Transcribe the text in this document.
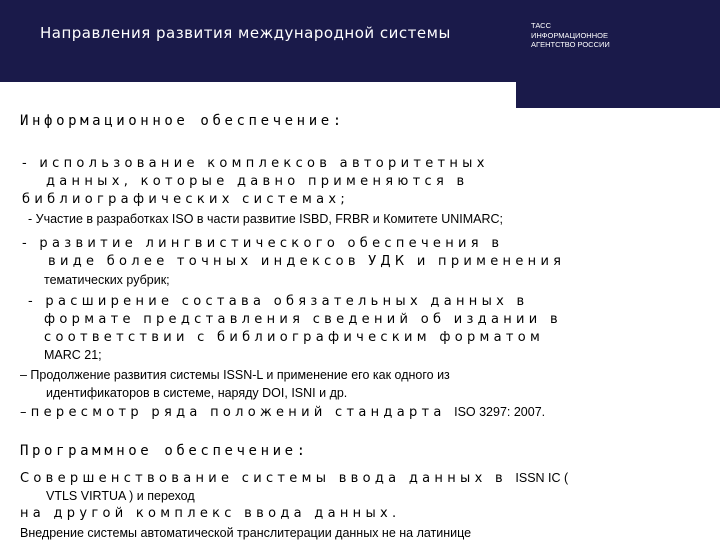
Направления развития международной системы	ТАСС
ИНФОРМАЦИОННОЕ
АГЕНТСТВО РОССИИ
Информационное обеспечение:
- использование комплексов авторитетных
данных, которые давно применяются в
библиографических системах;
- Участие в разработках ISO в части развитие ISBD, FRBR и Комитете UNIMARC;
- развитие лингвистического обеспечения в
виде более точных индексов УДК и применения
тематических рубрик;
- расширение состава обязательных данных в
формате представления сведений об издании в
соответствии с библиографическим форматом
MARC 21;
– Продолжение развития системы ISSN-L и применение его как одного из
идентификаторов в системе, наряду DOI, ISNI и др.
–пересмотр ряда положений стандарта ISO 3297: 2007.
Программное обеспечение:
Совершенствование системы ввода данных в ISSN IC (
VTLS VIRTUA ) и переход
на другой комплекс ввода данных.
Внедрение системы автоматической транслитерации данных не на латинице
